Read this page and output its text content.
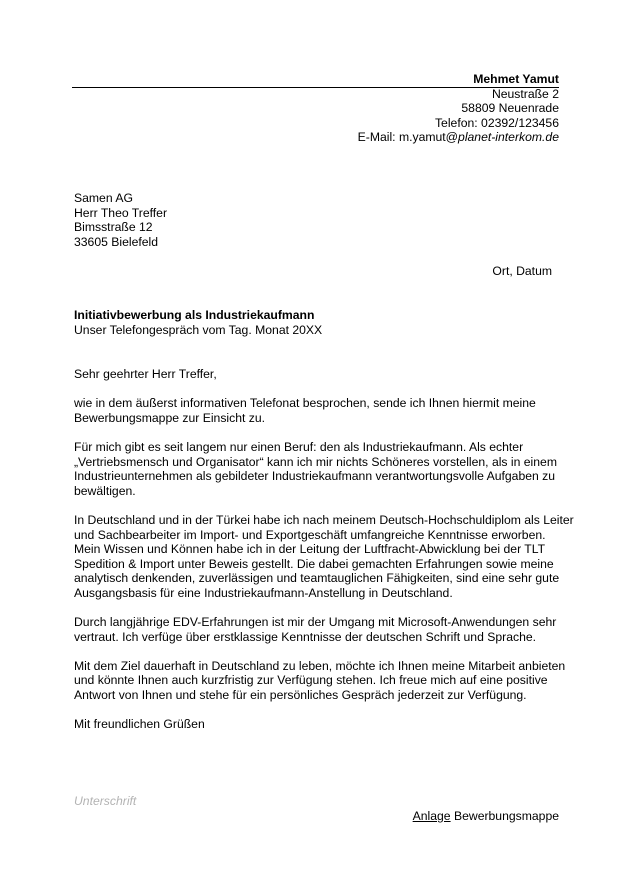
Mehmet Yamut
Neustraße 2
58809 Neuenrade
Telefon: 02392/123456
E-Mail: m.yamut@planet-interkom.de
Samen AG
Herr Theo Treffer
Bimsstraße 12
33605 Bielefeld
Ort, Datum
Initiativbewerbung als Industriekaufmann
Unser Telefongespräch vom Tag. Monat 20XX

Sehr geehrter Herr Treffer,

wie in dem äußerst informativen Telefonat besprochen, sende ich Ihnen hiermit meine Bewerbungsmappe zur Einsicht zu.

Für mich gibt es seit langem nur einen Beruf: den als Industriekaufmann. Als echter „Vertriebsmensch und Organisator“ kann ich mir nichts Schöneres vorstellen, als in einem Industrieunternehmen als gebildeter Industriekaufmann verantwortungsvolle Aufgaben zu bewältigen.

In Deutschland und in der Türkei habe ich nach meinem Deutsch-Hochschuldiplom als Leiter und Sachbearbeiter im Import- und Exportgeschäft umfangreiche Kenntnisse erworben. Mein Wissen und Können habe ich in der Leitung der Luftfracht-Abwicklung bei der TLT Spedition & Import unter Beweis gestellt. Die dabei gemachten Erfahrungen sowie meine analytisch denkenden, zuverlässigen und teamtauglichen Fähigkeiten, sind eine sehr gute Ausgangsbasis für eine Industriekaufmann-Anstellung in Deutschland.

Durch langjährige EDV-Erfahrungen ist mir der Umgang mit Microsoft-Anwendungen sehr vertraut. Ich verfüge über erstklassige Kenntnisse der deutschen Schrift und Sprache.

Mit dem Ziel dauerhaft in Deutschland zu leben, möchte ich Ihnen meine Mitarbeit anbieten und könnte Ihnen auch kurzfristig zur Verfügung stehen. Ich freue mich auf eine positive Antwort von Ihnen und stehe für ein persönliches Gespräch jederzeit zur Verfügung.

Mit freundlichen Grüßen

Unterschrift
Anlage Bewerbungsmappe
